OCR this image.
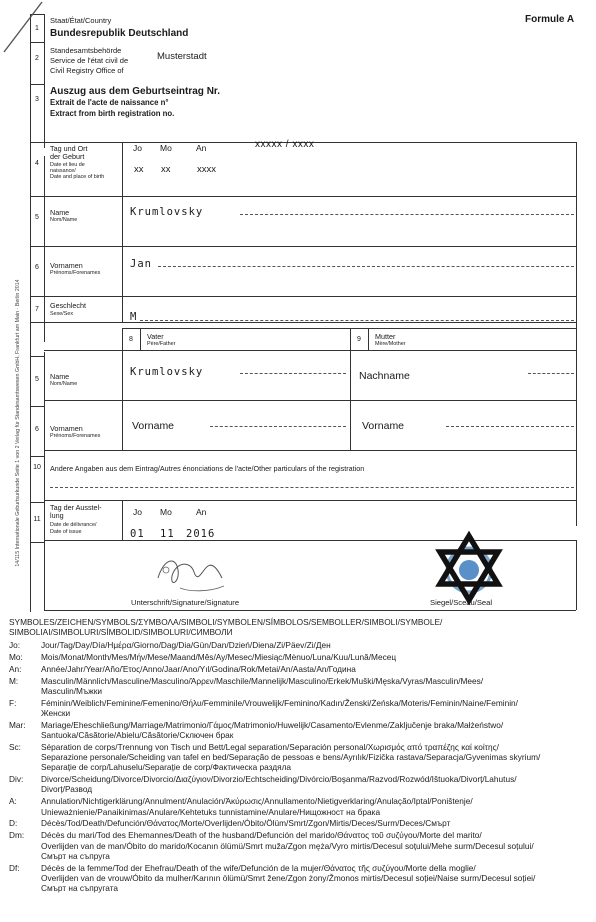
Formule A
1
Staat/État/Country
Bundesrepublik Deutschland
2
Standesamtsbehörde
Service de l'état civil de
Civil Registry Office of
Musterstadt
3
Auszug aus dem Geburtseintrag Nr.
Extrait de l'acte de naissance n°
Extract from birth registration no.
4
Tag und Ort
der Geburt
Date et lieu de
naissance/
Date and place of birth
Jo Mo	An	xxxxx / xxxx
xx xx	xxxx
5
Name
Nom/Name
Krumlovsky
6	Vornamen
Prénoms/Forenames
Jan
7	Geschlecht
Sexe/Sex	M
8	Vater
Père/Father
9	Mutter
Mère/Mother
5	Name
Nom/Name
Krumlovsky	Nachname
6	Vornamen
Prénoms/Forenames
Vorname	Vorname
10	Andere Angaben aus dem Eintrag/Autres énonciations de l'acte/Other particulars of the registration
11
Tag der Ausstel-
lung
Date de délivrance/
Date of issue
Jo Mo	An
01 11 2016
Unterschrift/Signature/Signature	Siegel/Sceau/Seal
14/115 Internationale Geburtsurkunde Seite 1 von 2 Verlag für Standesamtswesen GmbH, Frankfurt am Main · Berlin 2014
SYMBOLES/ZEICHEN/SYMBOLS/ΣΥΜΒΟΛΑ/SIMBOLI/SYMBOLEN/SÍMBOLOS/SEMBOLLER/SIMBOLI/SYMBOLE/
SIMBOLIAI/SIMBOLURI/SÍMBOLID/SIMBOLURI/СИМВОЛИ
Jo:	Jour/Tag/Day/Día/Ημέρα/Giorno/Dag/Dia/Gün/Dan/Dzień/Diena/Zi/Päev/Zi/Ден
Mo: Mois/Monat/Month/Mes/Μήν/Mese/Maand/Mês/Ay/Mesec/Miesiąc/Mėnuo/Luna/Kuu/Lună/Месец
An: Année/Jahr/Year/Año/Έτος/Anno/Jaar/Ano/Yıl/Godina/Rok/Metai/An/Aasta/An/Година
M:	Masculin/Männlich/Masculine/Masculino/Άρρεν/Maschile/Mannelijk/Masculino/Erkek/Muški/Męska/Vyras/Masculin/Mees/
Masculin/Мъжки
F:	Féminin/Weiblich/Feminine/Femenino/Θήλυ/Femminile/Vrouwelijk/Feminino/Kadın/Ženski/Żeńska/Moteris/Feminin/Naine/Feminin/
Женски
Mar: Mariage/Eheschließung/Marriage/Matrimonio/Γάμος/Matrimonio/Huwelijk/Casamento/Evlenme/Zaključenje braka/Małżeństwo/
Santuoka/Căsătorie/Abielu/Căsătorie/Сключен брак
Sc: Séparation de corps/Trennung von Tisch und Bett/Legal separation/Separación personal/Χωρισμός από τραπέζης καί κοίτης/
Separazione personale/Scheiding van tafel en bed/Separação de pessoas e bens/Ayrılık/Fizička rastava/Separacja/Gyvenimas skyrium/
Separație de corp/Lahuselu/Separație de corp/Фактическа раздяла
Div: Divorce/Scheidung/Divorce/Divorcio/Διαζύγιον/Divorzio/Echtscheiding/Divórcio/Boşanma/Razvod/Rozwód/Ištuoka/Divorț/Lahutus/
Divorț/Развод
A:	Annulation/Nichtigerklärung/Annulment/Anulación/Ἀκύρωσις/Annullamento/Nietigverklaring/Anulação/Iptal/Poništenje/
Unieważnienie/Panaikinimas/Anulare/Kehtetuks tunnistamine/Anulare/Нищожност на брака
D:	Décès/Tod/Death/Defunción/Θάνατος/Morte/Overlijden/Óbito/Ölüm/Smrt/Zgon/Mirtis/Deces/Surm/Deces/Смърт
Dm: Décès du mari/Tod des Ehemannes/Death of the husband/Defunción del marido/Θάνατος τοῦ συζύγου/Morte del marito/
Overlijden van de man/Óbito do marido/Kocanın ölümü/Smrt muža/Zgon męża/Vyro mirtis/Decesul soțului/Mehe surm/Decesul soțului/
Смърт на съпруга
Df:	Décès de la femme/Tod der Ehefrau/Death of the wife/Defunción de la mujer/Θάνατος τῆς συζύγου/Morte della moglie/
Overlijden van de vrouw/Óbito da mulher/Karının ölümü/Smrt žene/Zgon żony/Žmonos mirtis/Decesul soției/Naise surm/Decesul soției/
Смърт на съпругата
